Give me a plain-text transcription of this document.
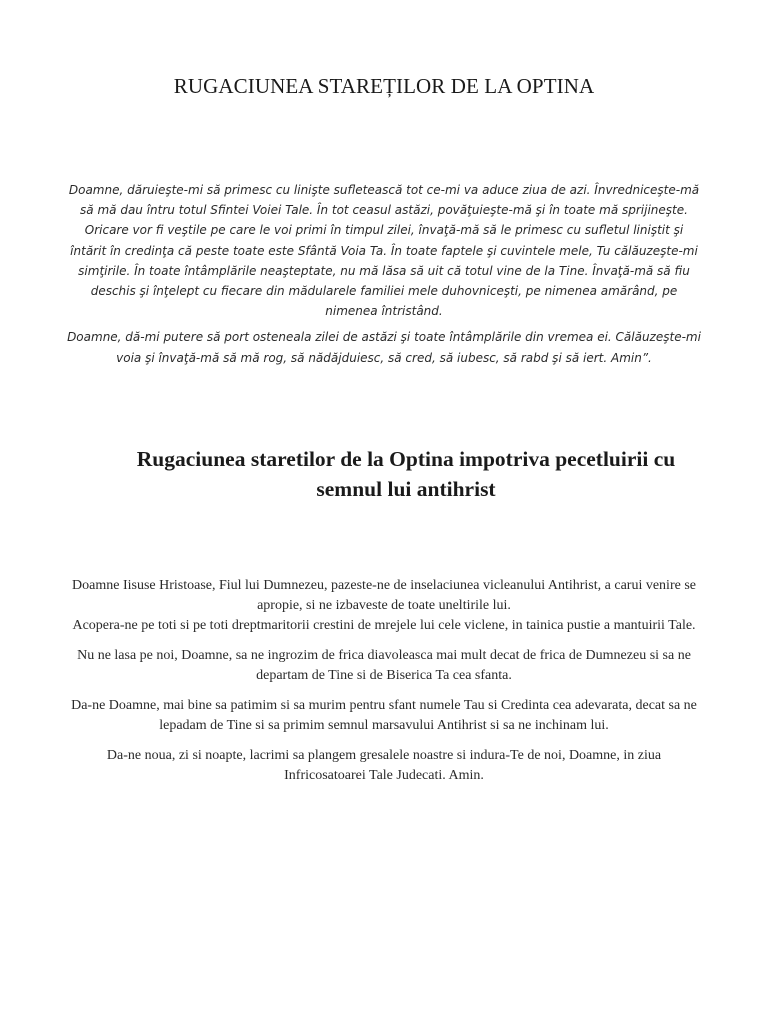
RUGACIUNEA STAREȚILOR DE LA OPTINA

Doamne, dăruieşte-mi să primesc cu linişte sufletească tot ce-mi va aduce ziua de azi. Învredniceşte-mă să mă dau întru totul Sfintei Voiei Tale. În tot ceasul astăzi, povăţuieşte-mă şi în toate mă sprijineşte. Oricare vor fi veştile pe care le voi primi în timpul zilei, învaţă-mă să le primesc cu sufletul liniştit şi întărit în credinţa că peste toate este Sfântă Voia Ta. În toate faptele şi cuvintele mele, Tu călăuzeşte-mi simţirile. În toate întâmplările neaşteptate, nu mă lăsa să uit că totul vine de la Tine. Învaţă-mă să fiu deschis şi înţelept cu fiecare din mădularele familiei mele duhovniceşti, pe nimenea amărând, pe nimenea întristând.

Doamne, dă-mi putere să port osteneala zilei de astăzi şi toate întâmplările din vremea ei. Călăuzeşte-mi voia şi învaţă-mă să mă rog, să nădăjduiesc, să cred, să iubesc, să rabd şi să iert. Amin”.

Rugaciunea staretilor de la Optina impotriva pecetluirii cu semnul lui antihrist

Doamne Iisuse Hristoase, Fiul lui Dumnezeu, pazeste-ne de inselaciunea vicleanului Antihrist, a carui venire se apropie, si ne izbaveste de toate uneltirile lui.

Acopera-ne pe toti si pe toti dreptmaritorii crestini de mrejele lui cele viclene, in tainica pustie a mantuirii Tale.

Nu ne lasa pe noi, Doamne, sa ne ingrozim de frica diavoleasca mai mult decat de frica de Dumnezeu si sa ne departam de Tine si de Biserica Ta cea sfanta.

Da-ne Doamne, mai bine sa patimim si sa murim pentru sfant numele Tau si Credinta cea adevarata, decat sa ne lepadam de Tine si sa primim semnul marsavului Antihrist si sa ne inchinam lui.

Da-ne noua, zi si noapte, lacrimi sa plangem gresalele noastre si indura-Te de noi, Doamne, in ziua Infricosatoarei Tale Judecati. Amin.
